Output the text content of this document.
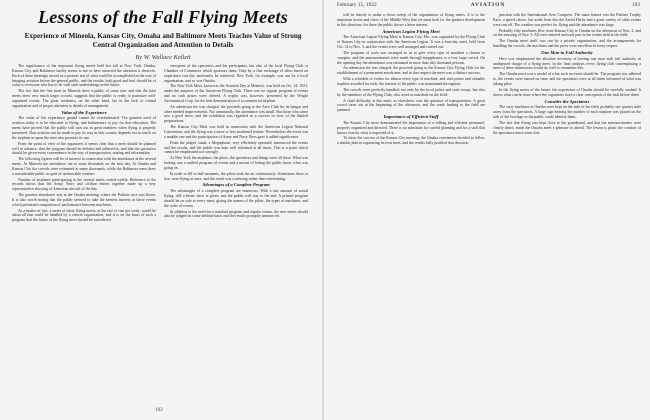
Lessons of the Fall Flying Meets
Experience of Mineola, Kansas City, Omaha and Baltimore Meets Teaches Value of Strong Central Organization and Attention to Details
By W. Wallace Kellett

The significance of the important flying meets held last fall at New York, Omaha, Kansas City and Baltimore hardly seems to me to have attracted the attention it deserves. Each of these meetings served as a pioneer test of what could be accomplished in the way of bringing aviation before the general public, and the results, both good and bad, should be of value to everyone who has to do with such undertakings in the future.

The fact that the first meet in Mineola drew a public of some size, and that the later meets drew very much larger crowds, suggests that the public is ready to patronize well-organized events. The great weakness, on the other hand, lay in the lack of central organization and of proper attention to details of management.

Value of the Experience

The value of the experience gained cannot be overestimated. The greatest need of aviation today is to be educated to flying, and furthermore to pay for that education. The meets have proved that the public will turn out in great numbers when flying is properly presented. That aviation can be made to pay its way in this country depends not so much on the airplane as upon the men who promote its use.

From the point of view of the organizers it seems clear that a meet should be planned well in advance, that the program should be definite and adhered to, and that the spectators should be given every convenience in the way of transportation, seating and information.

The following figures will be of interest in connection with the attendance at the several meets. At Mineola the attendance ran to some thousands on the best day. At Omaha and Kansas City the crowds were estimated at many thousands, while the Baltimore meet drew a considerable public in spite of unfavorable weather.

Number of airplanes participating in the several meets varied widely. Reference to the records shows that the Army, Navy and civilian entries together made up a very representative showing of American aircraft of the day.

The greatest attendance was at the Omaha meeting, where the Pulitzer race was flown. It is also worth noting that the public seemed to take the keenest interest in those events which permitted comparison of performance between machines.

As a matter of fact, a series of thirty flying meets, at the rate of one per week, would be about all that could be handled by a central organization, and it is on the basis of such a program that the future of the flying meet should be considered.

viewpoint of the spectators and the participants, but also of the local Flying Club or Chamber of Commerce which sponsors them. Only by a fine exchange of ideas based on experience can this uniformity be achieved. New York, for example, was run by a local organization, and so was Omaha.

The New York Meet, known as the Aviation Day at Mineola, was held on Oct. 14, 1921, under the auspices of the American Flying Club. There was no regular program of events and no cash prizes were offered. A trophy was, however, presented by the Wright Aeronautical Corp. for the best demonstration of a commercial airplane.

An admission fee was charged, the proceeds going to the Aero Club for its hangar and other needed improvements. Not unnaturally, the attendance was small. But those who came saw a good show, and the exhibition was regarded as a success in view of the limited preparations.

The Kansas City Meet was held in connection with the American Legion National Convention, and the flying was a more or less incidental feature. Nevertheless the event was a notable one and the participation of Army and Navy fliers gave it added significance.

From the judges' stand, a Megaphone, very efficiently operated, announced the events and the results, and the public was kept well informed at all times. This is a point which cannot be emphasized too strongly.

At New York the airplanes, the pilots, the spectators and things were all there. What was lacking was a unified program of events and a means of letting the public know what was going on.

In order to fill in dull moments, the pilots took the air continuously. Sometimes three or four were flying at once, and the result was confusing rather than entertaining.

Advantages of a Complete Program

The advantages of a complete program are numerous. With a fair amount of actual flying, still a better show is given, and the public will stay to the end. A printed program should be on sale at every meet, giving the names of the pilots, the types of machines, and the order of events.

In addition to the need for a standard program and regular events, the new meets should also be judged on some definite basis and the results promptly announced.

192
February 15, 1922	AVIATION	193

will be shortly to make a clean sweep of the organization of flying meets. It is to the important towns and cities of the Middle West that we must look for the greatest development in this direction, for there the public shows a keen interest.

American Legion Flying Meet

The American Legion Flying Meet at Kansas City, Mo., was organized by the Flying Club of Kansas City in conjunction with the American Legion. It was a four-day meet, held from Oct. 31 to Nov. 3, and the events were well arranged and carried out.

The program of races was arranged so as to give every type of machine a chance to compete, and the announcements were made through megaphones to a very large crowd. On the opening day the attendance was estimated at more than fifty thousand persons.

An admission fee was charged, the proceeds going to the Kansas City Flying Club for the establishment of a permanent aerodrome, and in that respect the meet was a distinct success.

With a schedule of events for almost every type of machine, and with prizes and valuable trophies awarded for each, the interest of the public was maintained throughout.

The crowds were perfectly handled, not only by the local police and state troops, but also by the members of the Flying Club, who acted as marshals on the field.

A chief difficulty at this meet, as elsewhere, was the question of transportation. A great crowd turns out at the beginning of the afternoon, and the roads leading to the field are jammed.

Importance of Efficient Staff

The Kansas City meet demonstrated the importance of a willing and efficient personnel, properly organized and directed. There is no substitute for careful planning and for a staff that knows exactly what is expected of it.

To show the success of the Kansas City meeting, the Omaha convention decided to follow a similar plan in organizing its own meet, and the results fully justified that decision.

junction with the International Aero Congress. The main feature was the Pulitzer Trophy Race, a speed classic, but aside from this the Aerial Derby and a great variety of other events were run off. The weather was perfect for flying and the attendance was large.

Probably fifty machines flew from Kansas City to Omaha on the afternoon of Nov. 2, and on the morning of Nov. 3. All were entered and took part in the events held at the field.

The Omaha meet itself was run by a private organization, and the arrangements for handling the crowds, the machines and the press were excellent in every respect.

One Man in Full Authority

Here was emphasized the absolute necessity of having one man with full authority in undisputed charge of a flying meet. In the final analysis every flying club contemplating a meet of these dimensions would do well to remember this.

The Omaha meet was a model of what such an event should be. The program was adhered to, the events were started on time, and the spectators were at all times informed of what was taking place.

In the flying meets of the future, the experience of Omaha should be carefully studied. It shows what can be done where the organizers have a clear conception of the task before them.

Consider the Spectators

The sixty machines at Omaha were kept on the side of the field, probably one quarter mile away from the spectators. A large sign bearing the number of each airplane was placed on the side of the fuselage so the public could identify them.

The fact that flying was kept close to the grandstand, and that the announcements were clearly heard, made the Omaha meet a pleasure to attend. The lesson is plain: the comfort of the spectators must come first.
